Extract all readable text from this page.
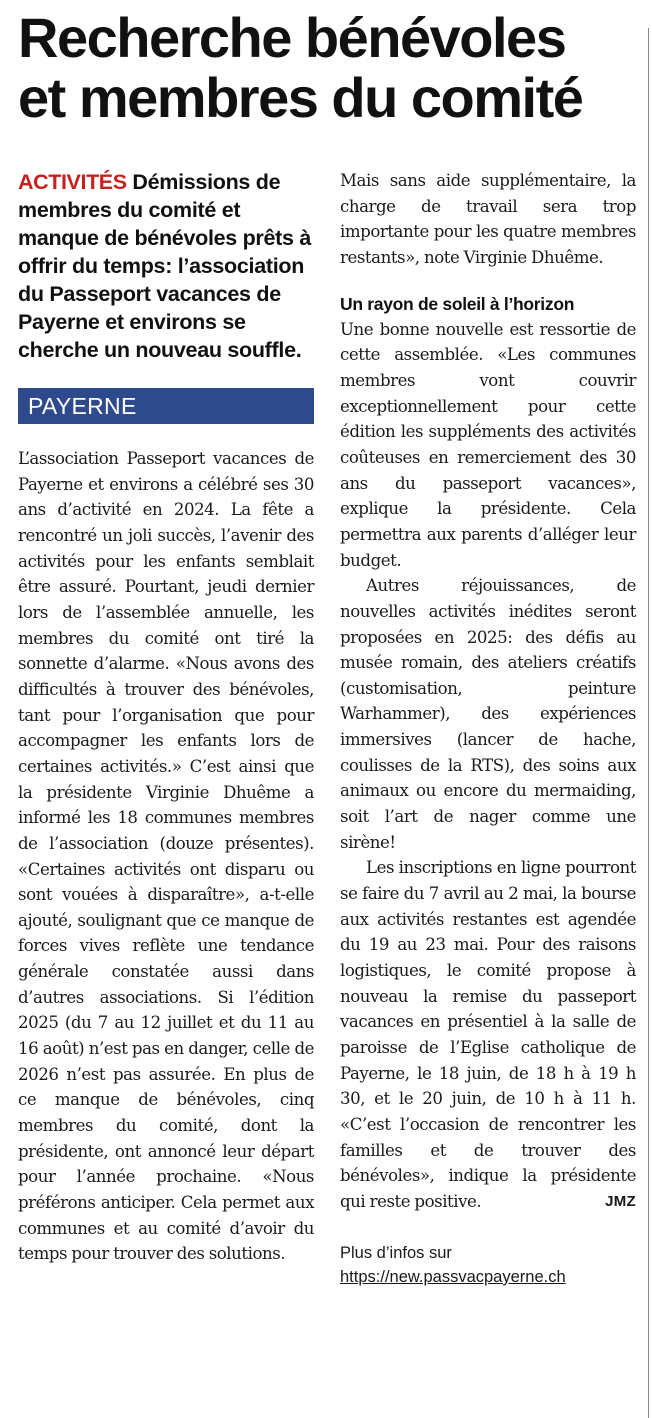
Recherche bénévoles
et membres du comité

ACTIVITÉS Démissions de membres du comité et manque de bénévoles prêts à offrir du temps: l’association du Passeport vacances de Payerne et environs se cherche un nouveau souffle.

PAYERNE

L’association Passeport vacances de Payerne et environs a célébré ses 30 ans d’activité en 2024. La fête a rencontré un joli succès, l’avenir des activités pour les enfants semblait être assuré. Pourtant, jeudi dernier lors de l’assemblée annuelle, les membres du comité ont tiré la sonnette d’alarme. «Nous avons des difficultés à trouver des bénévoles, tant pour l’organisation que pour accompagner les enfants lors de certaines activités.» C’est ainsi que la présidente Virginie Dhuême a informé les 18 communes membres de l’association (douze présentes). «Certaines activités ont disparu ou sont vouées à disparaître», a-t-elle ajouté, soulignant que ce manque de forces vives reflète une tendance générale constatée aussi dans d’autres associations. Si l’édition 2025 (du 7 au 12 juillet et du 11 au 16 août) n’est pas en danger, celle de 2026 n’est pas assurée. En plus de ce manque de bénévoles, cinq membres du comité, dont la présidente, ont annoncé leur départ pour l’année prochaine. «Nous préférons anticiper. Cela permet aux communes et au comité d’avoir du temps pour trouver des solutions.

Mais sans aide supplémentaire, la charge de travail sera trop importante pour les quatre membres restants», note Virginie Dhuême.

Un rayon de soleil à l’horizon

Une bonne nouvelle est ressortie de cette assemblée. «Les communes membres vont couvrir exceptionnellement pour cette édition les suppléments des activités coûteuses en remerciement des 30 ans du passeport vacances», explique la présidente. Cela permettra aux parents d’alléger leur budget.

Autres réjouissances, de nouvelles activités inédites seront proposées en 2025: des défis au musée romain, des ateliers créatifs (customisation, peinture Warhammer), des expériences immersives (lancer de hache, coulisses de la RTS), des soins aux animaux ou encore du mermaiding, soit l’art de nager comme une sirène!

Les inscriptions en ligne pourront se faire du 7 avril au 2 mai, la bourse aux activités restantes est agendée du 19 au 23 mai. Pour des raisons logistiques, le comité propose à nouveau la remise du passeport vacances en présentiel à la salle de paroisse de l’Eglise catholique de Payerne, le 18 juin, de 18 h à 19 h 30, et le 20 juin, de 10 h à 11 h. «C’est l’occasion de rencontrer les familles et de trouver des bénévoles», indique la présidente qui reste positive.	JMZ

Plus d’infos sur
https://new.passvacpayerne.ch
